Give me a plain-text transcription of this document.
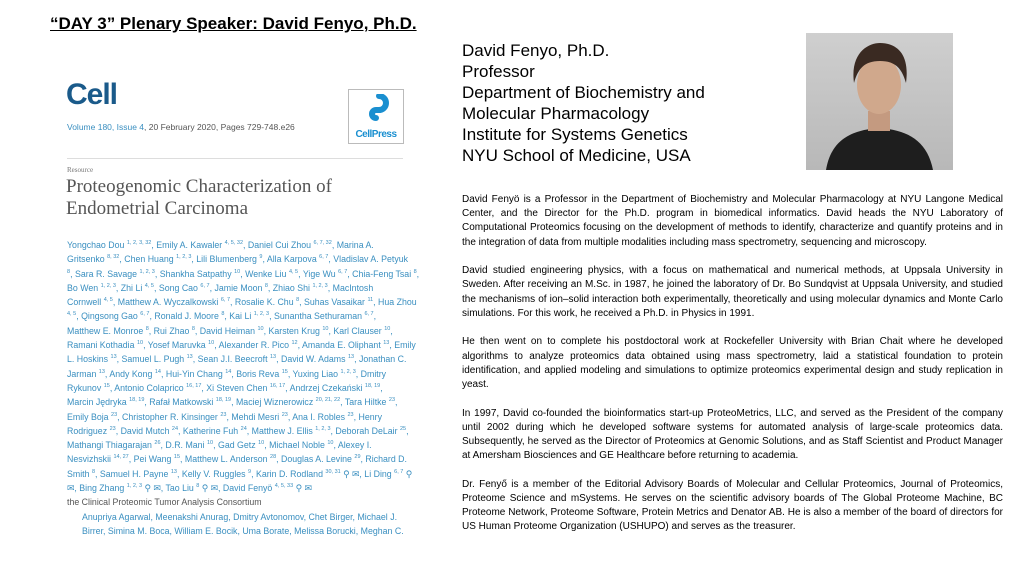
“DAY 3” Plenary Speaker: David Fenyo, Ph.D.
Cell
Volume 180, Issue 4, 20 February 2020, Pages 729-748.e26
CellPress
Resource
Proteogenomic Characterization of Endometrial Carcinoma
Yongchao Dou $^{1, 2, 3, 32}$, Emily A. Kawaler $^{4, 5, 32}$, Daniel Cui Zhou $^{6, 7, 32}$, Marina A.
Gritsenko $^{8, 32}$, Chen Huang $^{1, 2, 3}$, Lili Blumenberg $^9$, Alla Karpova $^{6, 7}$, Vladislav A. Petyuk
$^8$, Sara R. Savage $^{1, 2, 3}$, Shankha Satpathy $^{10}$, Wenke Liu $^{4, 5}$, Yige Wu $^{6, 7}$, Chia-Feng Tsai $^8$,
Bo Wen $^{1, 2, 3}$, Zhi Li $^{4, 5}$, Song Cao $^{6, 7}$, Jamie Moon $^8$, Zhiao Shi $^{1, 2, 3}$, MacIntosh
Cornwell $^{4, 5}$, Matthew A. Wyczalkowski $^{6, 7}$, Rosalie K. Chu $^8$, Suhas Vasaikar $^{11}$, Hua Zhou
$^{4, 5}$, Qingsong Gao $^{6, 7}$, Ronald J. Moore $^8$, Kai Li $^{1, 2, 3}$, Sunantha Sethuraman $^{6, 7}$,
Matthew E. Monroe $^8$, Rui Zhao $^8$, David Heiman $^{10}$, Karsten Krug $^{10}$, Karl Clauser $^{10}$,
Ramani Kothadia $^{10}$, Yosef Maruvka $^{10}$, Alexander R. Pico $^{12}$, Amanda E. Oliphant $^{13}$, Emily
L. Hoskins $^{13}$, Samuel L. Pugh $^{13}$, Sean J.I. Beecroft $^{13}$, David W. Adams $^{13}$, Jonathan C.
Jarman $^{13}$, Andy Kong $^{14}$, Hui-Yin Chang $^{14}$, Boris Reva $^{15}$, Yuxing Liao $^{1, 2, 3}$, Dmitry
Rykunov $^{15}$, Antonio Colaprico $^{16, 17}$, Xi Steven Chen $^{16, 17}$, Andrzej Czekański $^{18, 19}$,
Marcin Jędryka $^{18, 19}$, Rafał Matkowski $^{18, 19}$, Maciej Wiznerowicz $^{20, 21, 22}$, Tara Hiltke $^{23}$,
Emily Boja $^{23}$, Christopher R. Kinsinger $^{23}$, Mehdi Mesri $^{23}$, Ana I. Robles $^{23}$, Henry
Rodriguez $^{23}$, David Mutch $^{24}$, Katherine Fuh $^{24}$, Matthew J. Ellis $^{1, 2, 3}$, Deborah DeLair $^{25}$,
Mathangi Thiagarajan $^{26}$, D.R. Mani $^{10}$, Gad Getz $^{10}$, Michael Noble $^{10}$, Alexey I.
Nesvizhskii $^{14, 27}$, Pei Wang $^{15}$, Matthew L. Anderson $^{28}$, Douglas A. Levine $^{29}$, Richard D.
Smith $^8$, Samuel H. Payne $^{13}$, Kelly V. Ruggles $^9$, Karin D. Rodland $^{30, 31}$ ⚲ ✉, Li Ding $^{6, 7}$ ⚲
✉, Bing Zhang $^{1, 2, 3}$ ⚲ ✉, Tao Liu $^8$ ⚲ ✉, David Fenyö $^{4, 5, 33}$ ⚲ ✉
the Clinical Proteomic Tumor Analysis Consortium
Anupriya Agarwal, Meenakshi Anurag, Dmitry Avtonomov, Chet Birger, Michael J.
Birrer, Simina M. Boca, William E. Bocik, Uma Borate, Melissa Borucki, Meghan C.
David Fenyo, Ph.D.
Professor
Department of Biochemistry and
Molecular Pharmacology
Institute for Systems Genetics
NYU School of Medicine, USA

David Fenyö is a Professor in the Department of Biochemistry and Molecular Pharmacology at NYU Langone Medical Center, and the Director for the Ph.D. program in biomedical informatics. David heads the NYU Laboratory of Computational Proteomics focusing on the development of methods to identify, characterize and quantify proteins and in the integration of data from multiple modalities including mass spectrometry, sequencing and microscopy.

David studied engineering physics, with a focus on mathematical and numerical methods, at Uppsala University in Sweden. After receiving an M.Sc. in 1987, he joined the laboratory of Dr. Bo Sundqvist at Uppsala University, and studied the mechanisms of ion–solid interaction both experimentally, theoretically and using molecular dynamics and Monte Carlo simulations. For this work, he received a Ph.D. in Physics in 1991.

He then went on to complete his postdoctoral work at Rockefeller University with Brian Chait where he developed algorithms to analyze proteomics data obtained using mass spectrometry, laid a statistical foundation to protein identification, and applied modeling and simulations to optimize proteomics experimental design and study replication in yeast.

In 1997, David co-founded the bioinformatics start-up ProteoMetrics, LLC, and served as the President of the company until 2002 during which he developed software systems for automated analysis of large-scale proteomics data. Subsequently, he served as the Director of Proteomics at Genomic Solutions, and as Staff Scientist and Product Manager at Amersham Biosciences and GE Healthcare before returning to academia.

Dr. Fenyő is a member of the Editorial Advisory Boards of Molecular and Cellular Proteomics, Journal of Proteomics, Proteome Science and mSystems. He serves on the scientific advisory boards of The Global Proteome Machine, BC Proteome Network, Proteome Software, Protein Metrics and Denator AB. He is also a member of the board of directors for US Human Proteome Organization (USHUPO) and serves as the treasurer.
